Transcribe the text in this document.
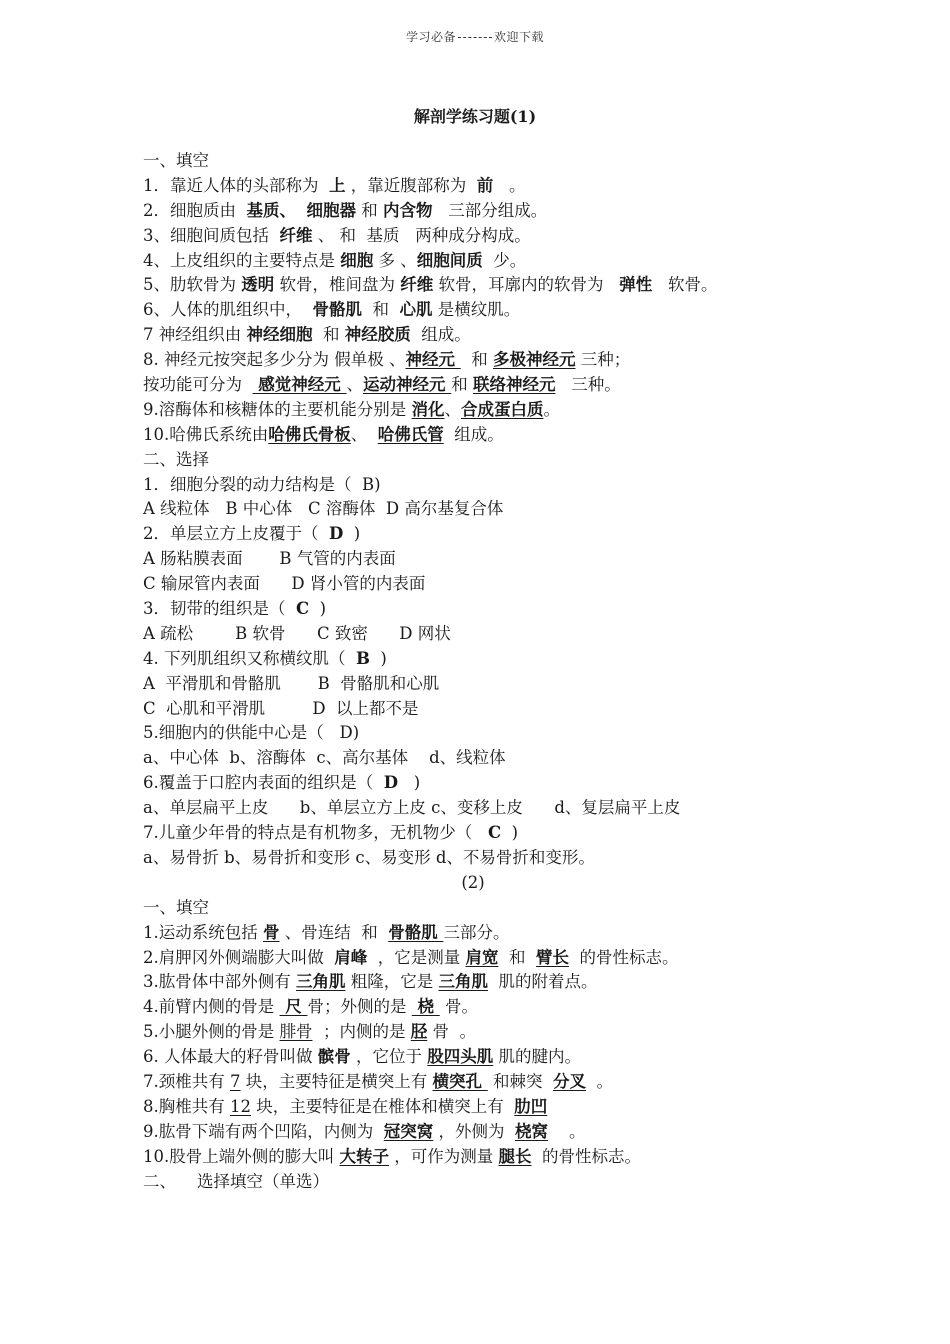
学习必备	欢迎下载
解剖学练习题(1)
一、填空
1．靠近人体的头部称为  上 ，靠近腹部称为  前   。
2．细胞质由  基质、 细胞器 和 内含物   三部分组成。
3、细胞间质包括  纤维 、 和  基质   两种成分构成。
4、上皮组织的主要特点是 细胞 多 、细胞间质  少。
5、肋软骨为 透明 软骨，椎间盘为 纤维 软骨，耳廓内的软骨为   弹性   软骨。
6、人体的肌组织中，  骨骼肌  和  心肌 是横纹肌。
7 神经组织由 神经细胞  和 神经胶质  组成。
8. 神经元按突起多少分为 假单极 、神经元   和 多极神经元 三种；
按功能可分为   感觉神经元 、运动神经元 和 联络神经元   三种。
9.溶酶体和核糖体的主要机能分别是 消化、合成蛋白质。
10.哈佛氏系统由哈佛氏骨板、  哈佛氏管  组成。
二、选择
1．细胞分裂的动力结构是（  B)
A 线粒体   B 中心体   C 溶酶体  D 高尔基复合体
2．单层立方上皮覆于（  D  )
A 肠粘膜表面       B 气管的内表面
C 输尿管内表面      D 肾小管的内表面
3．韧带的组织是（  C  )
A 疏松        B 软骨      C 致密      D 网状
4. 下列肌组织又称横纹肌（  B  )
A  平滑肌和骨骼肌       B  骨骼肌和心肌
C  心肌和平滑肌         D  以上都不是
5.细胞内的供能中心是（   D)
a、中心体  b、溶酶体  c、高尔基体    d、线粒体
6.覆盖于口腔内表面的组织是（  D   )
a、单层扁平上皮      b、单层立方上皮 c、变移上皮      d、复层扁平上皮
7.儿童少年骨的特点是有机物多，无机物少（   C  )
a、易骨折 b、易骨折和变形 c、易变形 d、不易骨折和变形。
(2)
一、填空
1.运动系统包括 骨 、骨连结  和  骨骼肌 三部分。
2.肩胛冈外侧端膨大叫做  肩峰  ，它是测量 肩宽  和  臂长  的骨性标志。
3.肱骨体中部外侧有 三角肌 粗隆，它是 三角肌  肌的附着点。
4.前臂内侧的骨是  尺 骨；外侧的是  桡  骨。
5.小腿外侧的骨是 腓骨  ；内侧的是 胫 骨  。
6. 人体最大的籽骨叫做 髌骨 ，它位于 股四头肌 肌的腱内。
7.颈椎共有 7 块，主要特征是横突上有 横突孔  和棘突  分叉  。
8.胸椎共有 12 块，主要特征是在椎体和横突上有  肋凹
9.肱骨下端有两个凹陷，内侧为  冠突窝 ，外侧为  桡窝    。
10.股骨上端外侧的膨大叫 大转子 ，可作为测量 腿长  的骨性标志。
二、    选择填空（单选）
